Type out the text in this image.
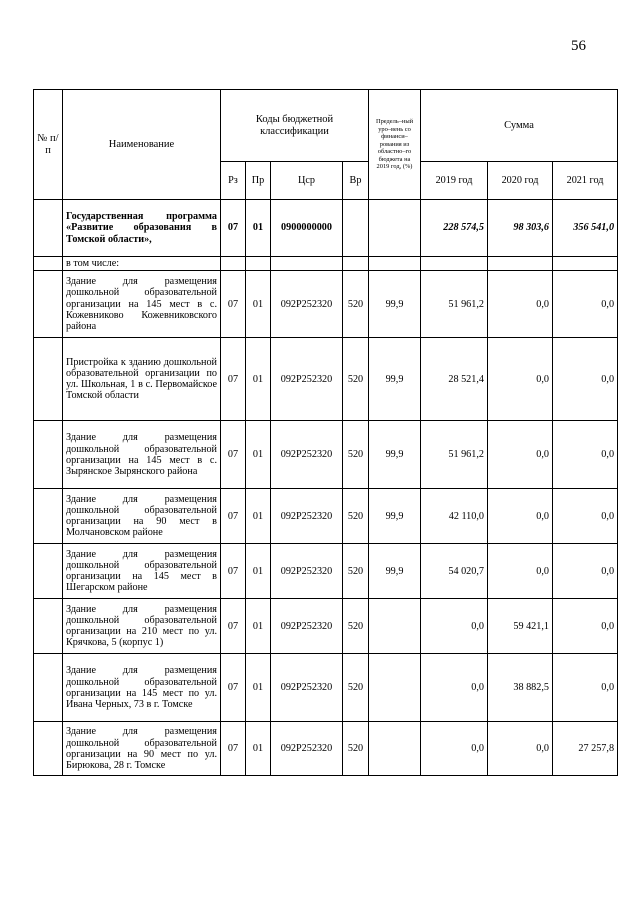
56
№ п/п	Наименование	Коды бюджетной классификации				Предель–ный уро–вень со финанси–рования из областно–го бюджета на 2019 год, (%)	Сумма		
		Рз	Пр	Цср	Вр		2019 год	2020 год	2021 год
	Государственная программа «Развитие образования в Томской области»,	07	01	0900000000			228 574,5	98 303,6	356 541,0
	в том числе:								
	Здание для размещения дошкольной образовательной организации на 145 мест в с. Кожевниково Кожевниковского района	07	01	092P252320	520	99,9	51 961,2	0,0	0,0
	Пристройка к зданию дошкольной образовательной организации по ул. Школьная, 1 в с. Первомайское Томской области	07	01	092P252320	520	99,9	28 521,4	0,0	0,0
	Здание для размещения дошкольной образовательной организации на 145 мест в с. Зырянское Зырянского района	07	01	092P252320	520	99,9	51 961,2	0,0	0,0
	Здание для размещения дошкольной образовательной организации на 90 мест в Молчановском районе	07	01	092P252320	520	99,9	42 110,0	0,0	0,0
	Здание для размещения дошкольной образовательной организации на 145 мест в Шегарском районе	07	01	092P252320	520	99,9	54 020,7	0,0	0,0
	Здание для размещения дошкольной образовательной организации на 210 мест по ул. Крячкова, 5 (корпус 1)	07	01	092P252320	520		0,0	59 421,1	0,0
	Здание для размещения дошкольной образовательной организации на 145 мест по ул. Ивана Черных, 73 в г. Томске	07	01	092P252320	520		0,0	38 882,5	0,0
	Здание для размещения дошкольной образовательной организации на 90 мест по ул. Бирюкова, 28 г. Томске	07	01	092P252320	520		0,0	0,0	27 257,8
